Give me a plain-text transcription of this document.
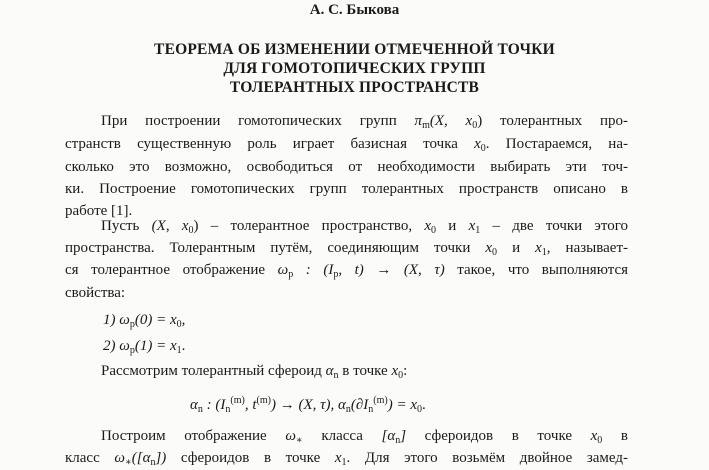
А. С. Быкова
ТЕОРЕМА ОБ ИЗМЕНЕНИИ ОТМЕЧЕННОЙ ТОЧКИ
ДЛЯ ГОМОТОПИЧЕСКИХ ГРУПП
ТОЛЕРАНТНЫХ ПРОСТРАНСТВ
При построении гомотопических групп $\pi_m(X$, $x_0$) толерантных про-
странств существенную роль играет базисная точка $x_0$. Постараемся, на-
сколько это возможно, освободиться от необходимости выбирать эти точ-
ки. Построение гомотопических групп толерантных пространств описано в
работе [1].
Пусть (X, $x_0$) – толерантное пространство, $x_0$ и $x_1$ – две точки этого
пространства. Толерантным путём, соединяющим точки $x_0$ и $x_1$, называет-
ся толерантное отображение $\omega_p$ : ($I_p$, t) → (X, τ) такое, что выполняются
свойства:
1) $\omega_p(0) = x_0$,
2) $\omega_p(1) = x_1$.
Рассмотрим толерантный сфероид $\alpha_n$ в точке $x_0$:
$\alpha_n$ : ($I_n^{(m)}$, $t^{(m)}) \to (X$, τ), $\alpha_n(\partial I_n^{(m)}) = x_0$.
Построим отображение $\omega_∗$ класса $[\alpha_n]$ сфероидов в точке $x_0$ в
класс $\omega_∗([\alpha_n])$ сфероидов в точке $x_1$. Для этого возьмём двойное замед-
